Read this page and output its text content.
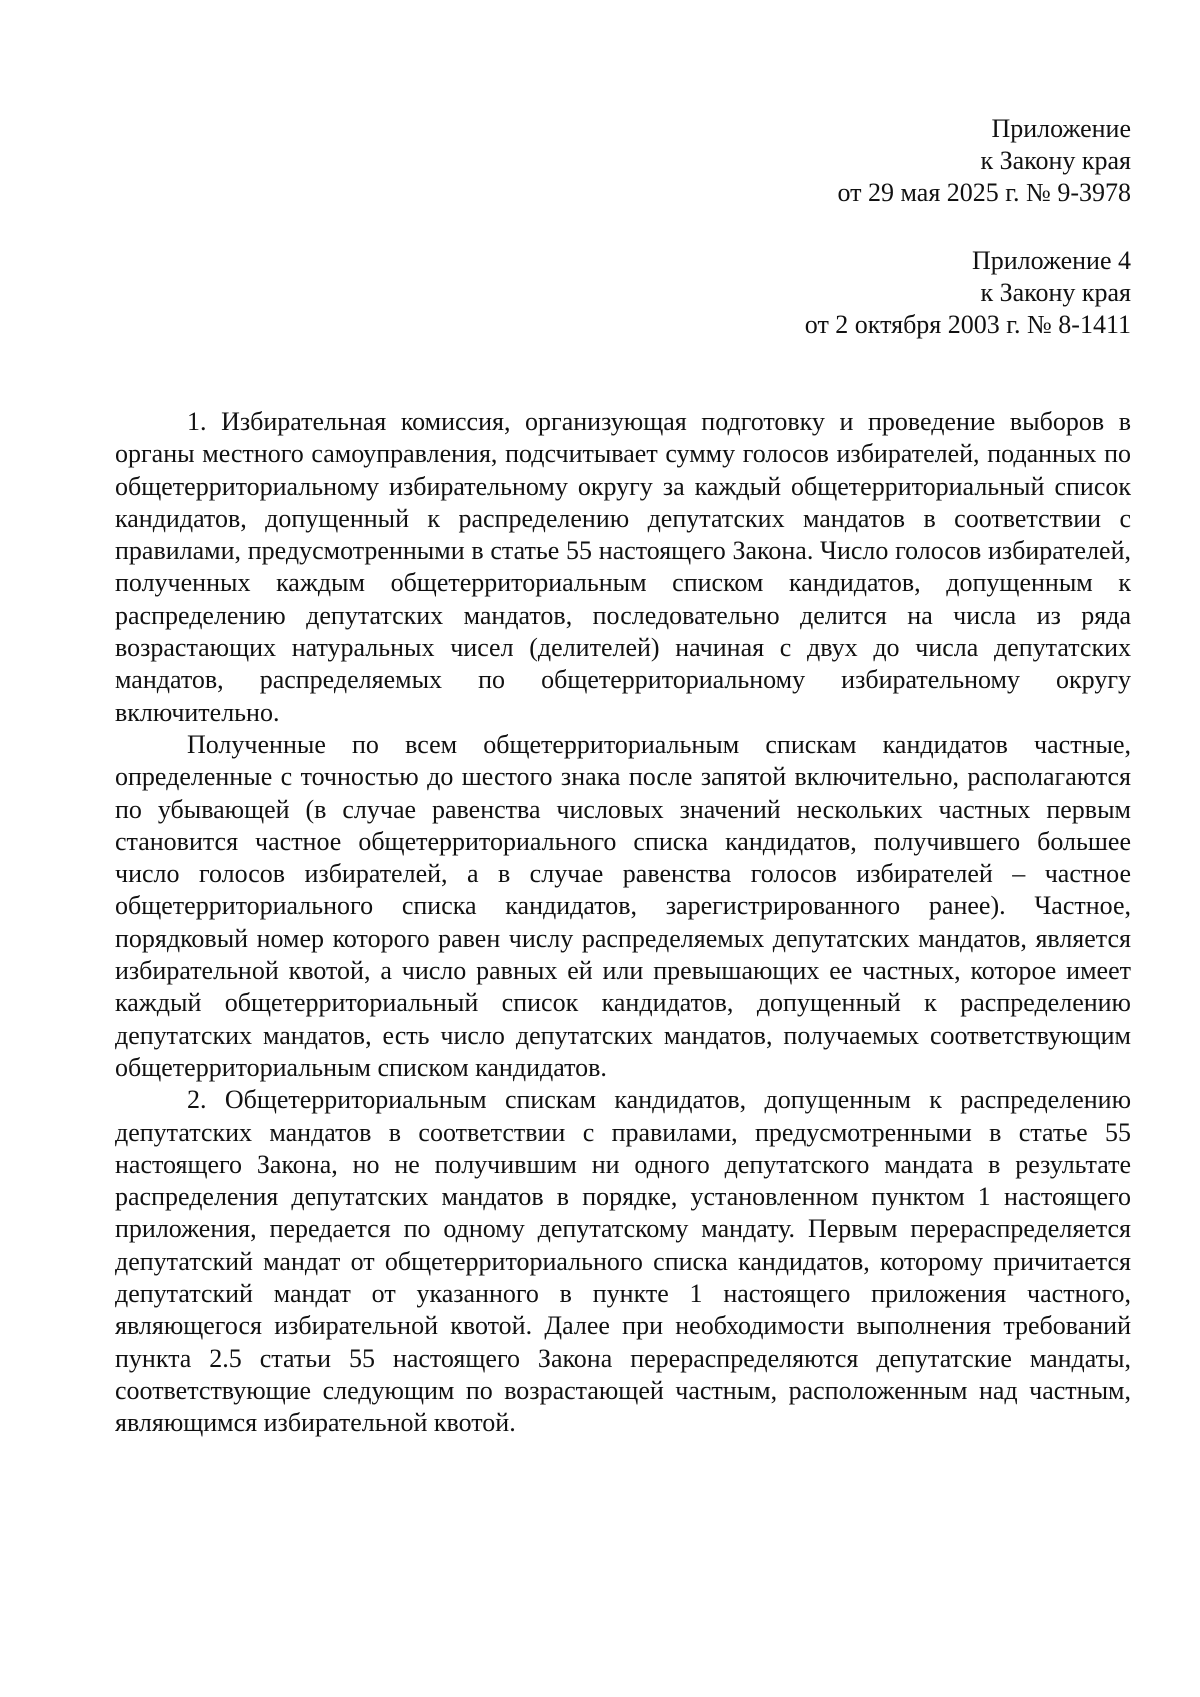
Приложение
к Закону края
от 29 мая 2025 г. № 9-3978
Приложение 4
к Закону края
от 2 октября 2003 г. № 8-1411

1. Избирательная комиссия, организующая подготовку и проведение выборов в органы местного самоуправления, подсчитывает сумму голосов избирателей, поданных по общетерриториальному избирательному округу за каждый общетерриториальный список кандидатов, допущенный к распределению депутатских мандатов в соответствии с правилами, предусмотренными в статье 55 настоящего Закона. Число голосов избирателей, полученных каждым общетерриториальным списком кандидатов, допущенным к распределению депутатских мандатов, последовательно делится на числа из ряда возрастающих натуральных чисел (делителей) начиная с двух до числа депутатских мандатов, распределяемых по общетерриториальному избирательному округу включительно.

Полученные по всем общетерриториальным спискам кандидатов частные, определенные с точностью до шестого знака после запятой включительно, располагаются по убывающей (в случае равенства числовых значений нескольких частных первым становится частное общетерриториального списка кандидатов, получившего большее число голосов избирателей, а в случае равенства голосов избирателей – частное общетерриториального списка кандидатов, зарегистрированного ранее). Частное, порядковый номер которого равен числу распределяемых депутатских мандатов, является избирательной квотой, а число равных ей или превышающих ее частных, которое имеет каждый общетерриториальный список кандидатов, допущенный к распределению депутатских мандатов, есть число депутатских мандатов, получаемых соответствующим общетерриториальным списком кандидатов.

2. Общетерриториальным спискам кандидатов, допущенным к распределению депутатских мандатов в соответствии с правилами, предусмотренными в статье 55 настоящего Закона, но не получившим ни одного депутатского мандата в результате распределения депутатских мандатов в порядке, установленном пунктом 1 настоящего приложения, передается по одному депутатскому мандату. Первым перераспределяется депутатский мандат от общетерриториального списка кандидатов, которому причитается депутатский мандат от указанного в пункте 1 настоящего приложения частного, являющегося избирательной квотой. Далее при необходимости выполнения требований пункта 2.5 статьи 55 настоящего Закона перераспределяются депутатские мандаты, соответствующие следующим по возрастающей частным, расположенным над частным, являющимся избирательной квотой.
